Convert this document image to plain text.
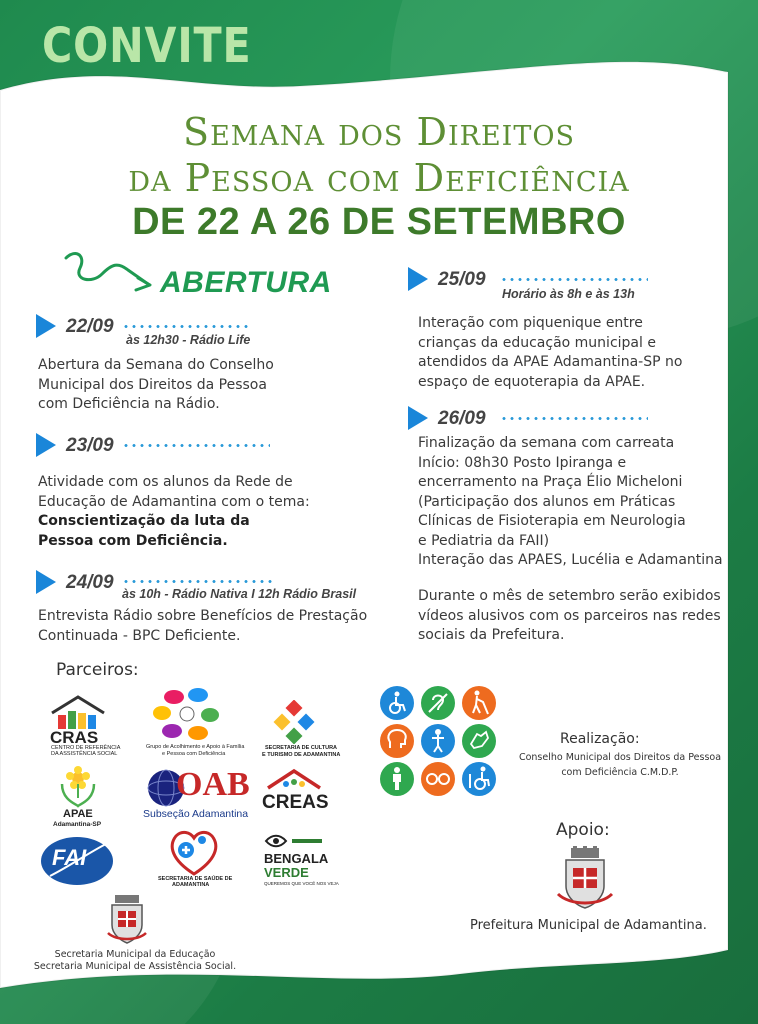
CONVITE
Semana dos Direitos
da Pessoa com Deficiência
DE 22 A 26 DE SETEMBRO
ABERTURA
22/09
às 12h30 - Rádio Life
Abertura da Semana do Conselho
Municipal dos Direitos da Pessoa
com Deficiência na Rádio.
23/09
Atividade com os alunos da Rede de
Educação de Adamantina com o tema:
Conscientização da luta da
Pessoa com Deficiência.
24/09
às 10h - Rádio Nativa I 12h Rádio Brasil
Entrevista Rádio sobre Benefícios de Prestação
Continuada - BPC Deficiente.
25/09
Horário às 8h e às 13h
Interação com piquenique entre
crianças da educação municipal e
atendidos da APAE Adamantina-SP no
espaço de equoterapia da APAE.
26/09
Finalização da semana com carreata
Início: 08h30 Posto Ipiranga e
encerramento na Praça Élio Micheloni
(Participação dos alunos em Práticas
Clínicas de Fisioterapia em Neurologia
e Pediatria da FAII)
Interação das APAES, Lucélia e Adamantina
Durante o mês de setembro serão exibidos
vídeos alusivos com os parceiros nas redes
sociais da Prefeitura.
Parceiros:
CRAS
CENTRO DE REFERÊNCIA
DA ASSISTÊNCIA SOCIAL
Grupo de Acolhimento e Apoio à Família
e Pessoa com Deficiência
SECRETARIA DE CULTURA
E TURISMO DE ADAMANTINA
APAE
Adamantina-SP
OAB
Subseção Adamantina
CREAS
FAI
SECRETARIA DE SAÚDE DE
ADAMANTINA
BENGALA
VERDE
QUEREMOS QUE VOCÊ NOS VEJA
Secretaria Municipal da Educação
Secretaria Municipal de Assistência Social.
Realização:
Conselho Municipal dos Direitos da Pessoa
com Deficiência C.M.D.P.
Apoio:
Prefeitura Municipal de Adamantina.
